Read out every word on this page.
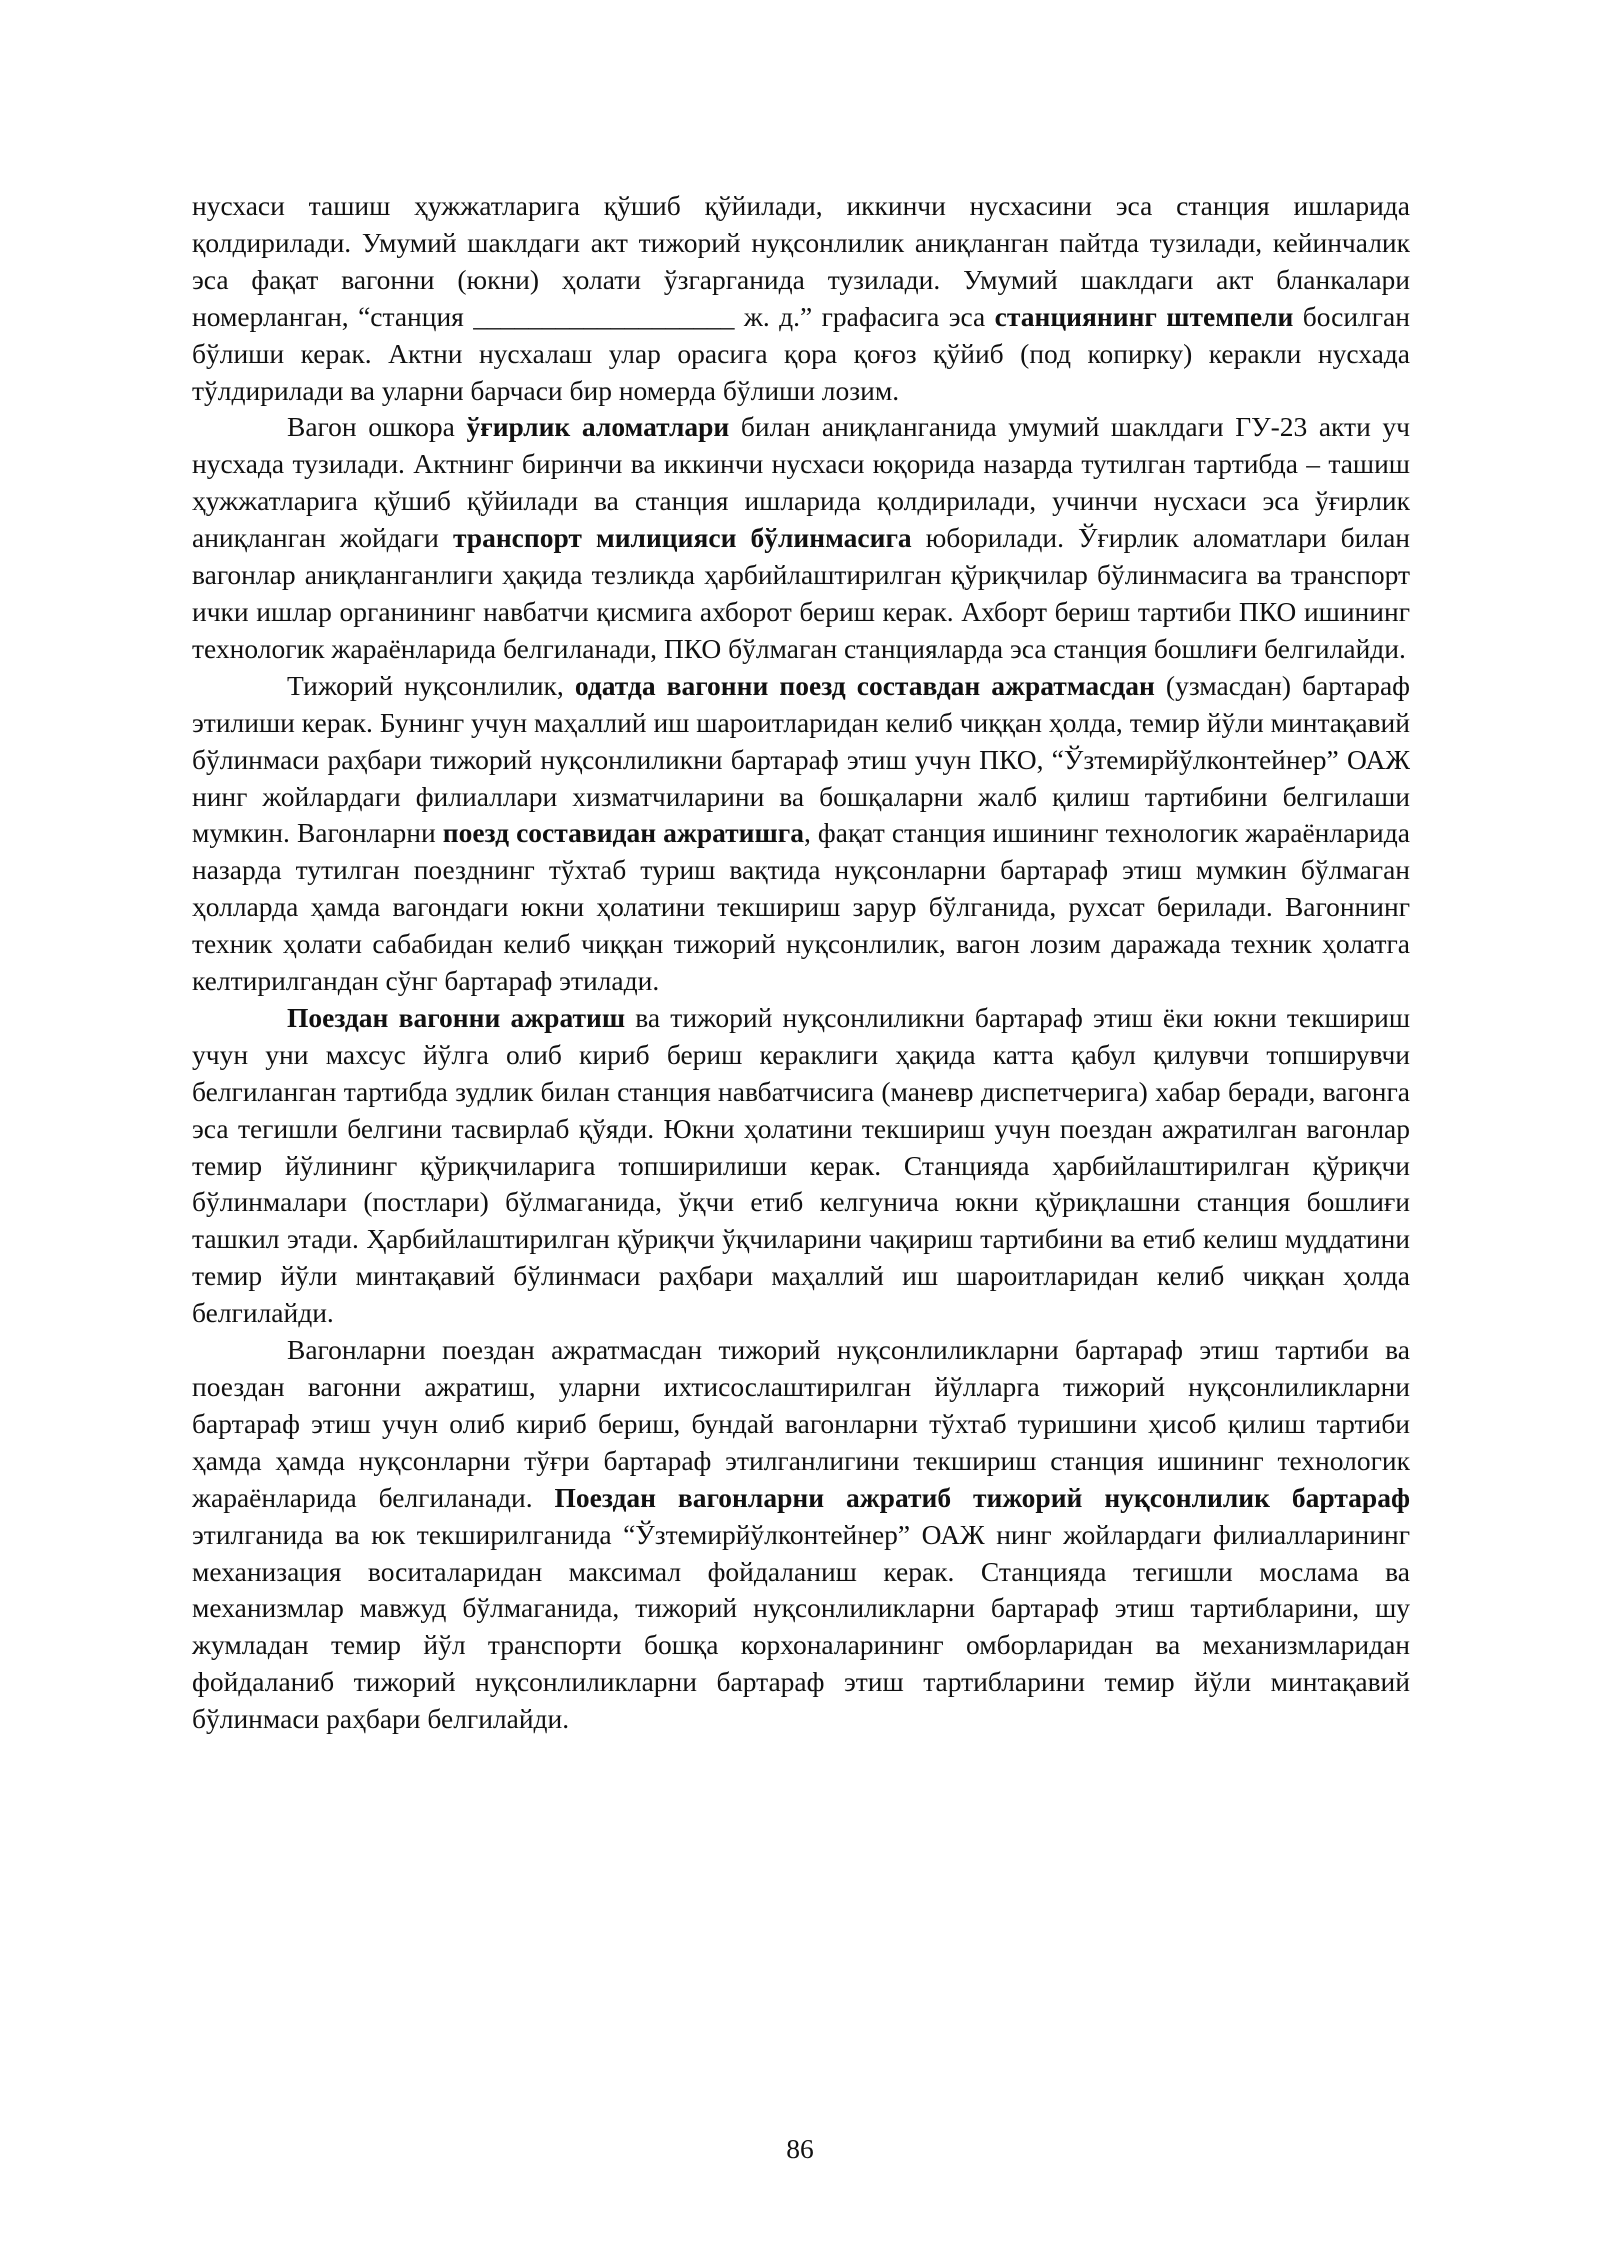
нусхаси ташиш ҳужжатларига қўшиб қўйилади, иккинчи нусхасини эса станция ишларида қолдирилади. Умумий шаклдаги акт тижорий нуқсонлилик аниқланган пайтда тузилади, кейинчалик эса фақат вагонни (юкни) ҳолати ўзгарганида тузилади. Умумий шаклдаги акт бланкалари номерланган, “станция ___________________ ж. д.” графасига эса станциянинг штемпели босилган бўлиши керак. Актни нусхалаш улар орасига қора қоғоз қўйиб (под копирку) керакли нусхада тўлдирилади ва уларни барчаси бир номерда бўлиши лозим.

Вагон ошкора ўғирлик аломатлари билан аниқланганида умумий шаклдаги ГУ-23 акти уч нусхада тузилади. Актнинг биринчи ва иккинчи нусхаси юқорида назарда тутилган тартибда – ташиш ҳужжатларига қўшиб қўйилади ва станция ишларида қолдирилади, учинчи нусхаси эса ўғирлик аниқланган жойдаги транспорт милицияси бўлинмасига юборилади. Ўғирлик аломатлари билан вагонлар аниқланганлиги ҳақида тезликда ҳарбийлаштирилган қўриқчилар бўлинмасига ва транспорт ички ишлар органининг навбатчи қисмига ахборот бериш керак. Ахборт бериш тартиби ПКО ишининг технологик жараёнларида белгиланади, ПКО бўлмаган станцияларда эса станция бошлиғи белгилайди.

Тижорий нуқсонлилик, одатда вагонни поезд составдан ажратмасдан (узмасдан) бартараф этилиши керак. Бунинг учун маҳаллий иш шароитларидан келиб чиққан ҳолда, темир йўли минтақавий бўлинмаси раҳбари тижорий нуқсонлиликни бартараф этиш учун ПКО, “Ўзтемирйўлконтейнер” ОАЖ нинг жойлардаги филиаллари хизматчиларини ва бошқаларни жалб қилиш тартибини белгилаши мумкин. Вагонларни поезд составидан ажратишга, фақат станция ишининг технологик жараёнларида назарда тутилган поезднинг тўхтаб туриш вақтида нуқсонларни бартараф этиш мумкин бўлмаган ҳолларда ҳамда вагондаги юкни ҳолатини текшириш зарур бўлганида, рухсат берилади. Вагоннинг техник ҳолати сабабидан келиб чиққан тижорий нуқсонлилик, вагон лозим даражада техник ҳолатга келтирилгандан сўнг бартараф этилади.

Поездан вагонни ажратиш ва тижорий нуқсонлиликни бартараф этиш ёки юкни текшириш учун уни махсус йўлга олиб кириб бериш кераклиги ҳақида катта қабул қилувчи топширувчи белгиланган тартибда зудлик билан станция навбатчисига (маневр диспетчерига) хабар беради, вагонга эса тегишли белгини тасвирлаб қўяди. Юкни ҳолатини текшириш учун поездан ажратилган вагонлар темир йўлининг қўриқчиларига топширилиши керак. Станцияда ҳарбийлаштирилган қўриқчи бўлинмалари (постлари) бўлмаганида, ўқчи етиб келгунича юкни қўриқлашни станция бошлиғи ташкил этади. Ҳарбийлаштирилган қўриқчи ўқчиларини чақириш тартибини ва етиб келиш муддатини темир йўли минтақавий бўлинмаси раҳбари маҳаллий иш шароитларидан келиб чиққан ҳолда белгилайди.

Вагонларни поездан ажратмасдан тижорий нуқсонлиликларни бартараф этиш тартиби ва поездан вагонни ажратиш, уларни ихтисослаштирилган йўлларга тижорий нуқсонлиликларни бартараф этиш учун олиб кириб бериш, бундай вагонларни тўхтаб туришини ҳисоб қилиш тартиби ҳамда ҳамда нуқсонларни тўғри бартараф этилганлигини текшириш станция ишининг технологик жараёнларида белгиланади. Поездан вагонларни ажратиб тижорий нуқсонлилик бартараф этилганида ва юк текширилганида “Ўзтемирйўлконтейнер” ОАЖ нинг жойлардаги филиалларининг механизация воситаларидан максимал фойдаланиш керак. Станцияда тегишли мослама ва механизмлар мавжуд бўлмаганида, тижорий нуқсонлиликларни бартараф этиш тартибларини, шу жумладан темир йўл транспорти бошқа корхоналарининг омборларидан ва механизмларидан фойдаланиб тижорий нуқсонлиликларни бартараф этиш тартибларини темир йўли минтақавий бўлинмаси раҳбари белгилайди.

86
